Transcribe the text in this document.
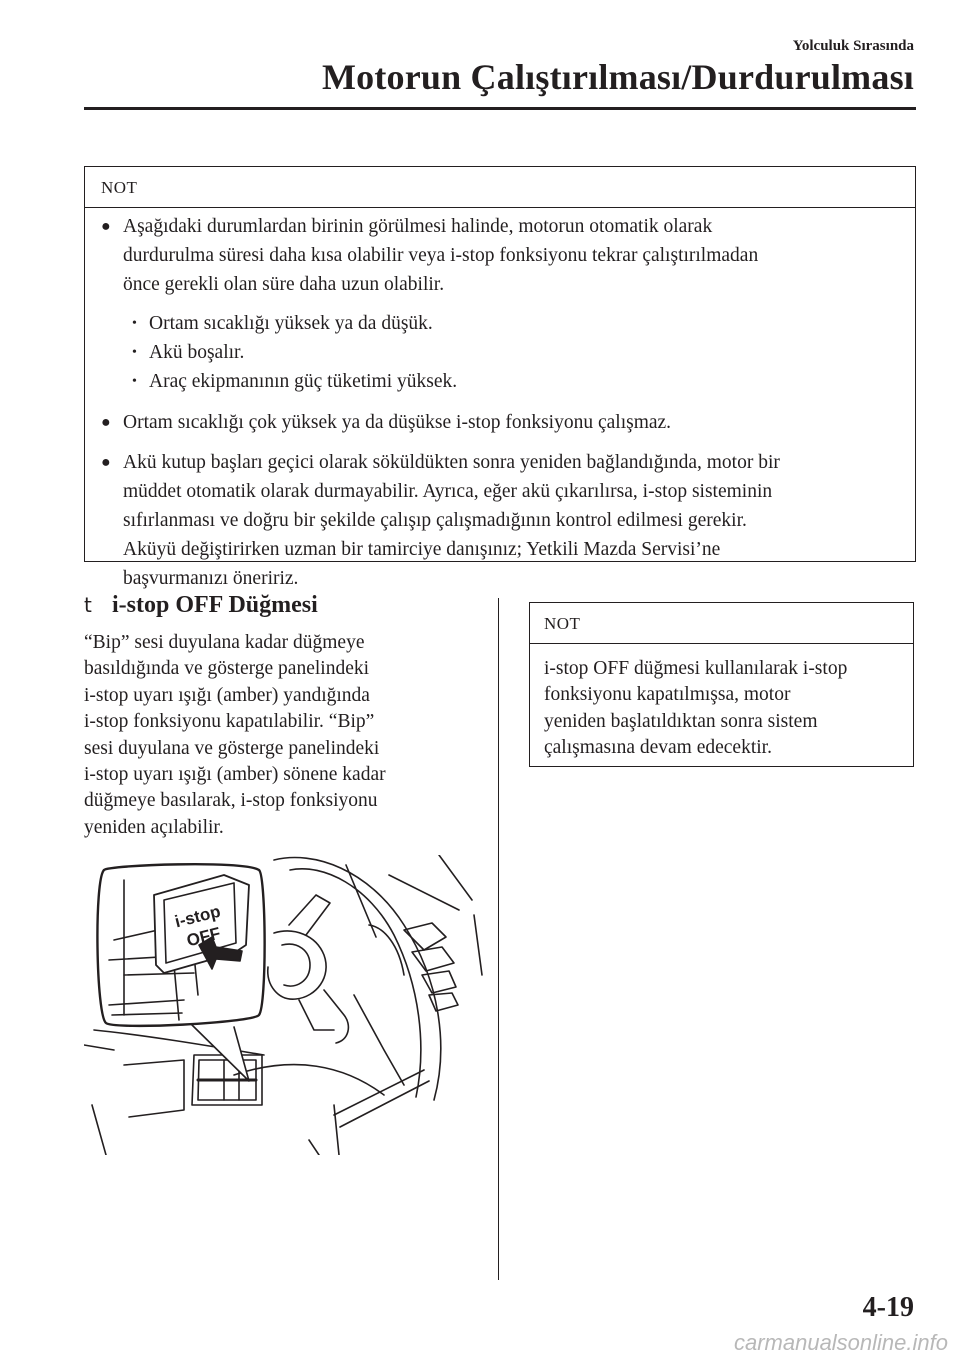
Yolculuk Sırasında
Motorun Çalıştırılması/Durdurulması
NOT
● Aşağıdaki durumlardan birinin görülmesi halinde, motorun otomatik olarak
durdurulma süresi daha kısa olabilir veya i-stop fonksiyonu tekrar çalıştırılmadan
önce gerekli olan süre daha uzun olabilir.
• Ortam sıcaklığı yüksek ya da düşük.
• Akü boşalır.
• Araç ekipmanının güç tüketimi yüksek.
● Ortam sıcaklığı çok yüksek ya da düşükse i-stop fonksiyonu çalışmaz.
● Akü kutup başları geçici olarak söküldükten sonra yeniden bağlandığında, motor bir
müddet otomatik olarak durmayabilir. Ayrıca, eğer akü çıkarılırsa, i-stop sisteminin
sıfırlanması ve doğru bir şekilde çalışıp çalışmadığının kontrol edilmesi gerekir.
Aküyü değiştirirken uzman bir tamirciye danışınız; Yetkili Mazda Servisi’ne
başvurmanızı öneririz.
t i-stop OFF Düğmesi
“Bip” sesi duyulana kadar düğmeye
basıldığında ve gösterge panelindeki
i-stop uyarı ışığı (amber) yandığında
i-stop fonksiyonu kapatılabilir. “Bip”
sesi duyulana ve gösterge panelindeki
i-stop uyarı ışığı (amber) sönene kadar
düğmeye basılarak, i-stop fonksiyonu
yeniden açılabilir.
NOT
i-stop OFF düğmesi kullanılarak i-stop
fonksiyonu kapatılmışsa, motor
yeniden başlatıldıktan sonra sistem
çalışmasına devam edecektir.
i-stop
OFF
4-19
carmanualsonline.info
